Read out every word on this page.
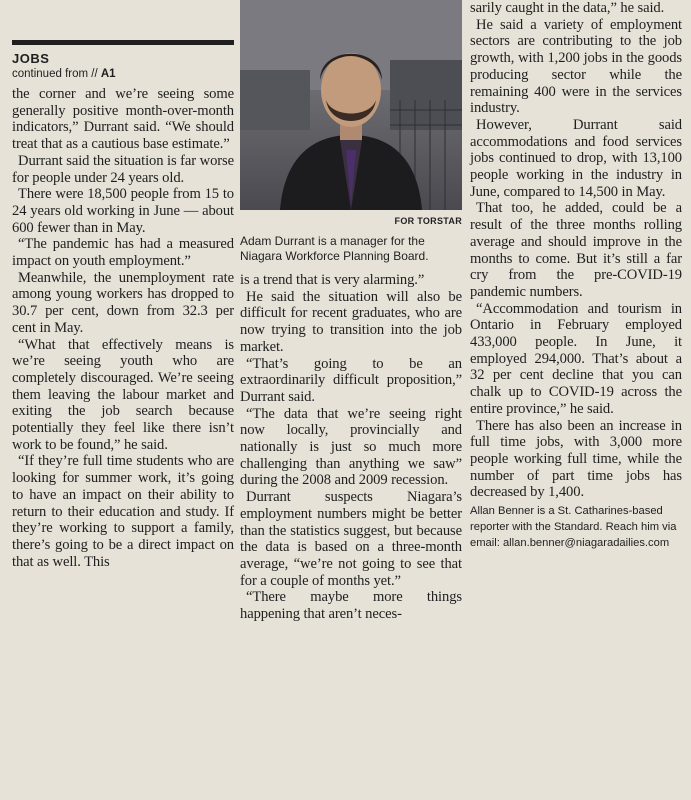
JOBS
continued from // A1

the corner and we’re seeing some generally positive month-over-month indicators,” Durrant said. “We should treat that as a cautious base estimate.”

Durrant said the situation is far worse for people under 24 years old.

There were 18,500 people from 15 to 24 years old working in June — about 600 fewer than in May.

“The pandemic has had a measured impact on youth employment.”

Meanwhile, the unemployment rate among young workers has dropped to 30.7 per cent, down from 32.3 per cent in May.

“What that effectively means is we’re seeing youth who are completely discouraged. We’re seeing them leaving the labour market and exiting the job search because potentially they feel like there isn’t work to be found,” he said.

“If they’re full time students who are looking for summer work, it’s going to have an impact on their ability to return to their education and study. If they’re working to support a family, there’s going to be a direct impact on that as well. This

FOR TORSTAR
Adam Durrant is a manager for the Niagara Workforce Planning Board.

is a trend that is very alarming.”

He said the situation will also be difficult for recent graduates, who are now trying to transition into the job market.

“That’s going to be an extraordinarily difficult proposition,” Durrant said.

“The data that we’re seeing right now locally, provincially and nationally is just so much more challenging than anything we saw” during the 2008 and 2009 recession.

Durrant suspects Niagara’s employment numbers might be better than the statistics suggest, but because the data is based on a three-month average, “we’re not going to see that for a couple of months yet.”

“There maybe more things happening that aren’t neces-

sarily caught in the data,” he said.

He said a variety of employment sectors are contributing to the job growth, with 1,200 jobs in the goods producing sector while the remaining 400 were in the services industry.

However, Durrant said accommodations and food services jobs continued to drop, with 13,100 people working in the industry in June, compared to 14,500 in May.

That too, he added, could be a result of the three months rolling average and should improve in the months to come. But it’s still a far cry from the pre-COVID-19 pandemic numbers.

“Accommodation and tourism in Ontario in February employed 433,000 people. In June, it employed 294,000. That’s about a 32 per cent decline that you can chalk up to COVID-19 across the entire province,” he said.

There has also been an increase in full time jobs, with 3,000 more people working full time, while the number of part time jobs has decreased by 1,400.

Allan Benner is a St. Catharines-based reporter with the Standard. Reach him via email: allan.benner@niagaradailies.com
